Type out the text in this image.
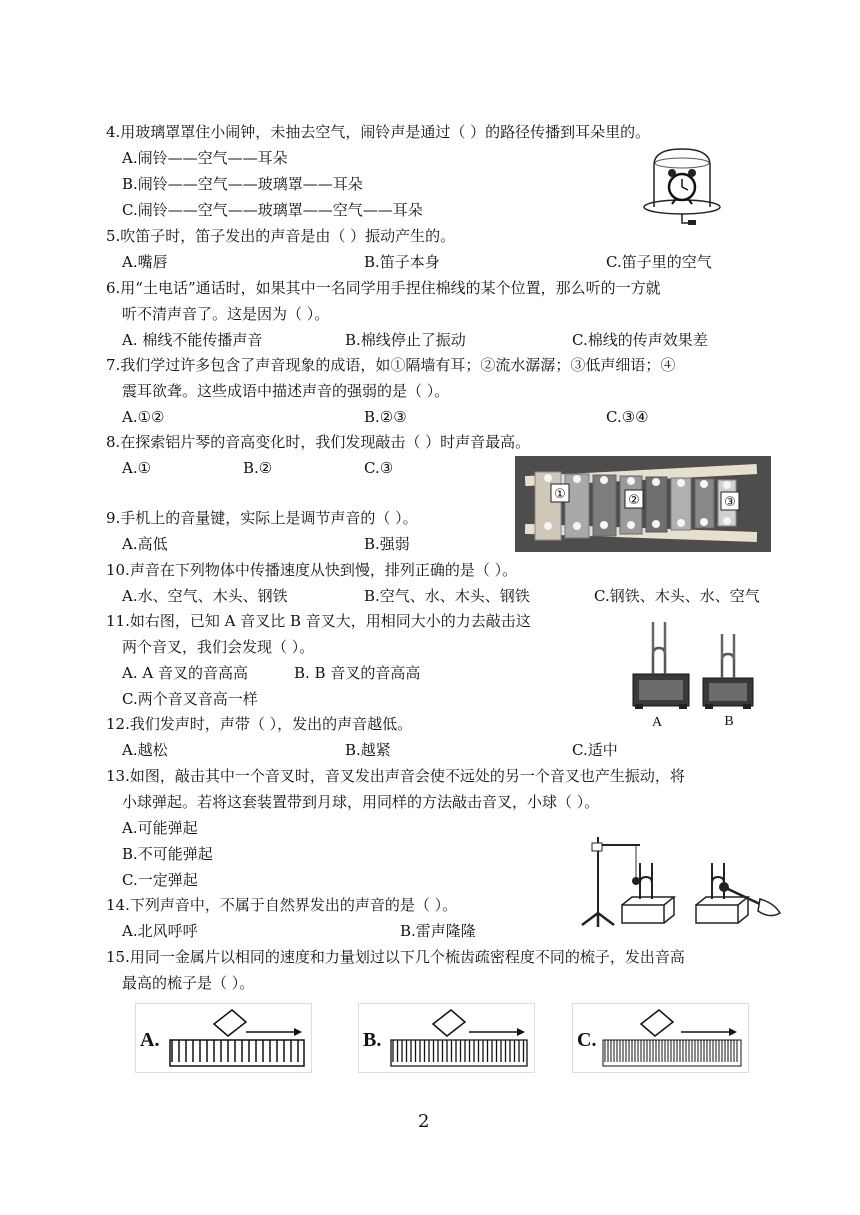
4.用玻璃罩罩住小闹钟，未抽去空气，闹铃声是通过（ ）的路径传播到耳朵里的。
A.闹铃——空气——耳朵
B.闹铃——空气——玻璃罩——耳朵
C.闹铃——空气——玻璃罩——空气——耳朵
5.吹笛子时，笛子发出的声音是由（ ）振动产生的。
A.嘴唇	B.笛子本身	C.笛子里的空气
6.用“土电话”通话时，如果其中一名同学用手捏住棉线的某个位置，那么听的一方就
听不清声音了。这是因为（ ）。
A. 棉线不能传播声音	B.棉线停止了振动	C.棉线的传声效果差
7.我们学过许多包含了声音现象的成语，如①隔墙有耳；②流水潺潺；③低声细语；④
震耳欲聋。这些成语中描述声音的强弱的是（ ）。
A.①②	B.②③	C.③④
8.在探索铝片琴的音高变化时，我们发现敲击（ ）时声音最高。
A.①	B.②	C.③
①	②	③
9.手机上的音量键，实际上是调节声音的（ ）。
A.高低	B.强弱
10.声音在下列物体中传播速度从快到慢，排列正确的是（ ）。
A.水、空气、木头、钢铁	B.空气、水、木头、钢铁	C.钢铁、木头、水、空气
11.如右图，已知 A 音叉比 B 音叉大，用相同大小的力去敲击这
两个音叉，我们会发现（ ）。
A. A 音叉的音高高	B. B 音叉的音高高
C.两个音叉音高一样
A	B
12.我们发声时，声带（ ），发出的声音越低。
A.越松	B.越紧	C.适中
13.如图，敲击其中一个音叉时，音叉发出声音会使不远处的另一个音叉也产生振动，将
小球弹起。若将这套装置带到月球，用同样的方法敲击音叉，小球（ ）。
A.可能弹起
B.不可能弹起
C.一定弹起
14.下列声音中，不属于自然界发出的声音的是（ ）。
A.北风呼呼	B.雷声隆隆
15.用同一金属片以相同的速度和力量划过以下几个梳齿疏密程度不同的梳子，发出音高
最高的梳子是（ ）。
A.	B.	C.
2
